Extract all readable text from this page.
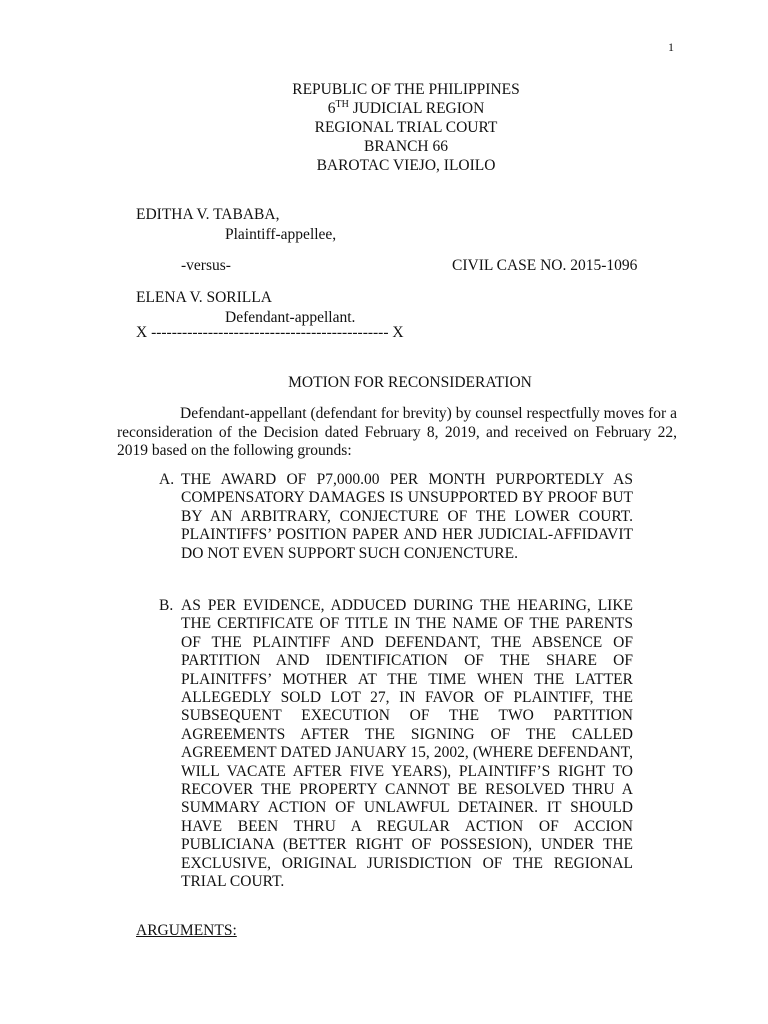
1
REPUBLIC OF THE PHILIPPINES
6TH JUDICIAL REGION
REGIONAL TRIAL COURT
BRANCH 66
BAROTAC VIEJO, ILOILO
EDITHA V. TABABA,
Plaintiff-appellee,
-versus-	CIVIL CASE NO. 2015-1096
ELENA V. SORILLA
Defendant-appellant.
X ---------------------------------------------- X
MOTION FOR RECONSIDERATION
Defendant-appellant (defendant for brevity) by counsel respectfully moves for a reconsideration of the Decision dated February 8, 2019, and received on February 22, 2019 based on the following grounds:
A. THE AWARD OF P7,000.00 PER MONTH PURPORTEDLY AS COMPENSATORY DAMAGES IS UNSUPPORTED BY PROOF BUT BY AN ARBITRARY, CONJECTURE OF THE LOWER COURT. PLAINTIFFS’ POSITION PAPER AND HER JUDICIAL-AFFIDAVIT DO NOT EVEN SUPPORT SUCH CONJENCTURE.
B. AS PER EVIDENCE, ADDUCED DURING THE HEARING, LIKE THE CERTIFICATE OF TITLE IN THE NAME OF THE PARENTS OF THE PLAINTIFF AND DEFENDANT, THE ABSENCE OF PARTITION AND IDENTIFICATION OF THE SHARE OF PLAINITFFS’ MOTHER AT THE TIME WHEN THE LATTER ALLEGEDLY SOLD LOT 27, IN FAVOR OF PLAINTIFF, THE SUBSEQUENT EXECUTION OF THE TWO PARTITION AGREEMENTS AFTER THE SIGNING OF THE CALLED AGREEMENT DATED JANUARY 15, 2002, (WHERE DEFENDANT, WILL VACATE AFTER FIVE YEARS), PLAINTIFF’S RIGHT TO RECOVER THE PROPERTY CANNOT BE RESOLVED THRU A SUMMARY ACTION OF UNLAWFUL DETAINER. IT SHOULD HAVE BEEN THRU A REGULAR ACTION OF ACCION PUBLICIANA (BETTER RIGHT OF POSSESION), UNDER THE EXCLUSIVE, ORIGINAL JURISDICTION OF THE REGIONAL TRIAL COURT.
ARGUMENTS:
